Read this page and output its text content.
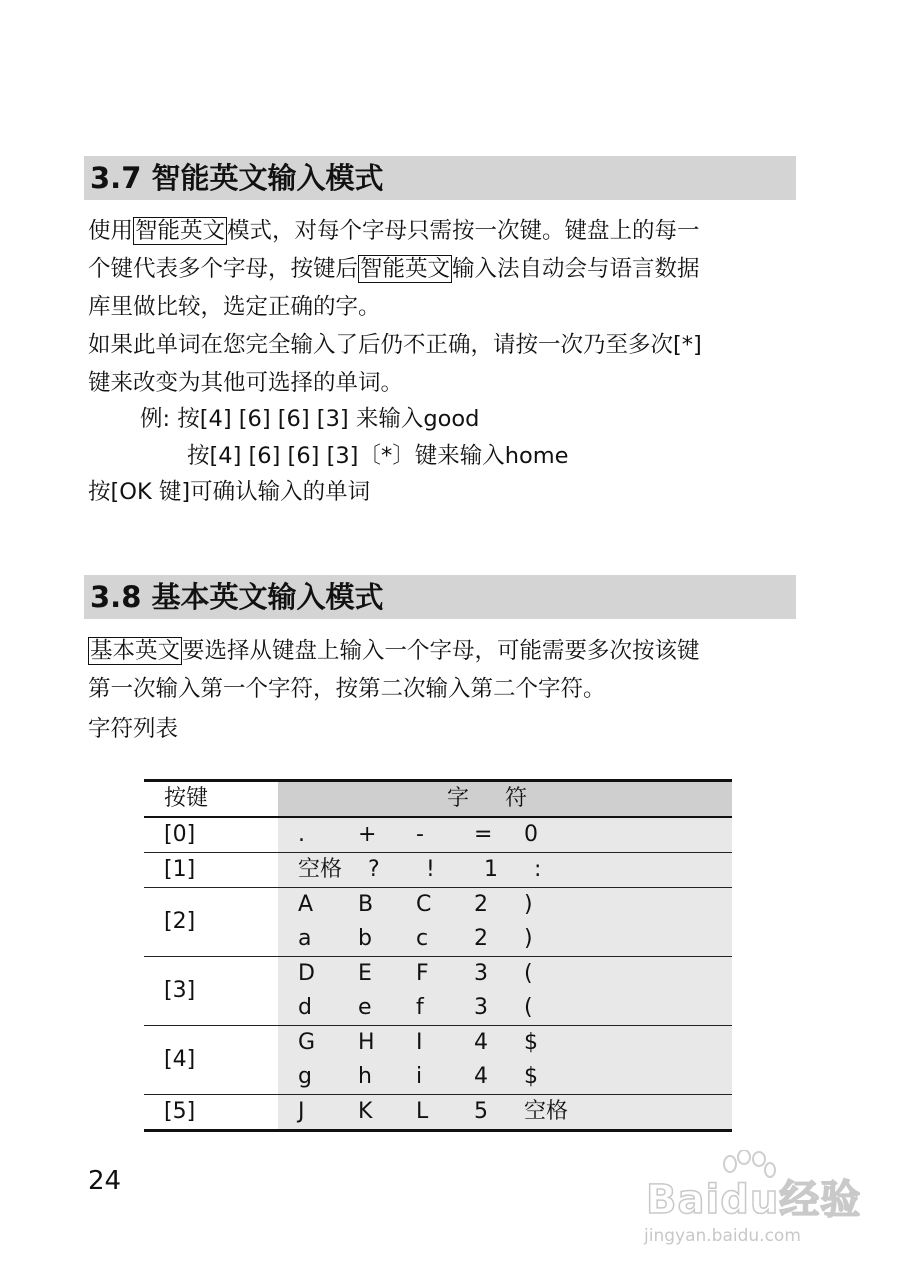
3.7 智能英文输入模式
使用智能英文模式，对每个字母只需按一次键。键盘上的每一
个键代表多个字母，按键后智能英文输入法自动会与语言数据
库里做比较，选定正确的字。
如果此单词在您完全输入了后仍不正确，请按一次乃至多次[*]
键来改变为其他可选择的单词。
例: 按[4] [6] [6] [3] 来输入good
按[4] [6] [6] [3]〔*〕键来输入home
按[OK 键]可确认输入的单词
3.8 基本英文输入模式
基本英文要选择从键盘上输入一个字母，可能需要多次按该键
第一次输入第一个字符，按第二次输入第二个字符。
字符列表
按键	字符
[0]	. + - = 0

[1]	空格 ? ! 1 :

[2]	A B C 2 )
a b c 2 )

[3]	D E F 3 (
d e f 3 (

[4]	G H I 4 $
g h i 4 $

[5]	J K L 5 空格
24	Baidu经验
jingyan.baidu.com
